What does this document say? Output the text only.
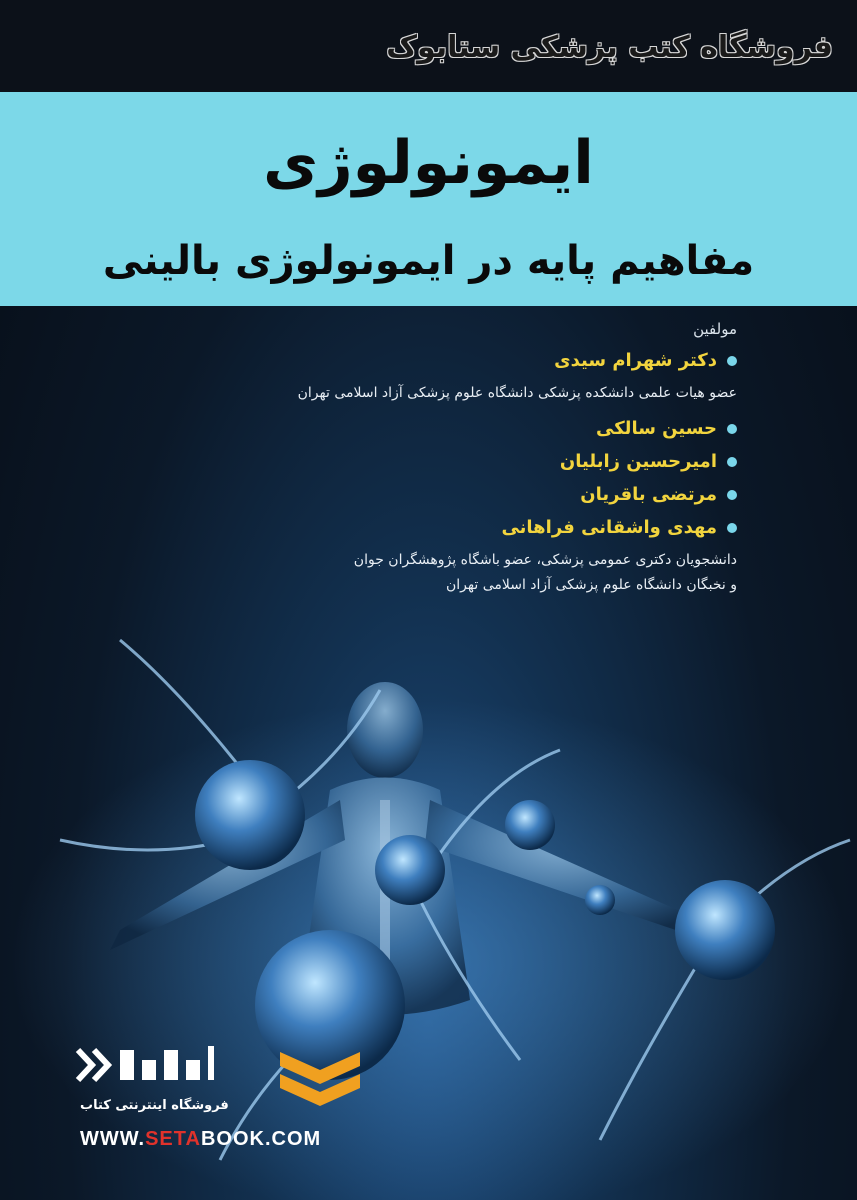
فروشگاه کتب پزشکی ستابوک
ایمونولوژی
مفاهیم پایه در ایمونولوژی بالینی
مولفین
دکتر شهرام سیدی
عضو هیات علمی دانشکده پزشکی دانشگاه علوم پزشکی آزاد اسلامی تهران
حسین سالکی
امیرحسین زابلیان
مرتضی باقریان
مهدی واشقانی فراهانی
دانشجویان دکتری عمومی پزشکی، عضو باشگاه پژوهشگران جوان
و نخبگان دانشگاه علوم پزشکی آزاد اسلامی تهران
فروشگاه اینترنتی کتاب
WWW.SETABOOK.COM
